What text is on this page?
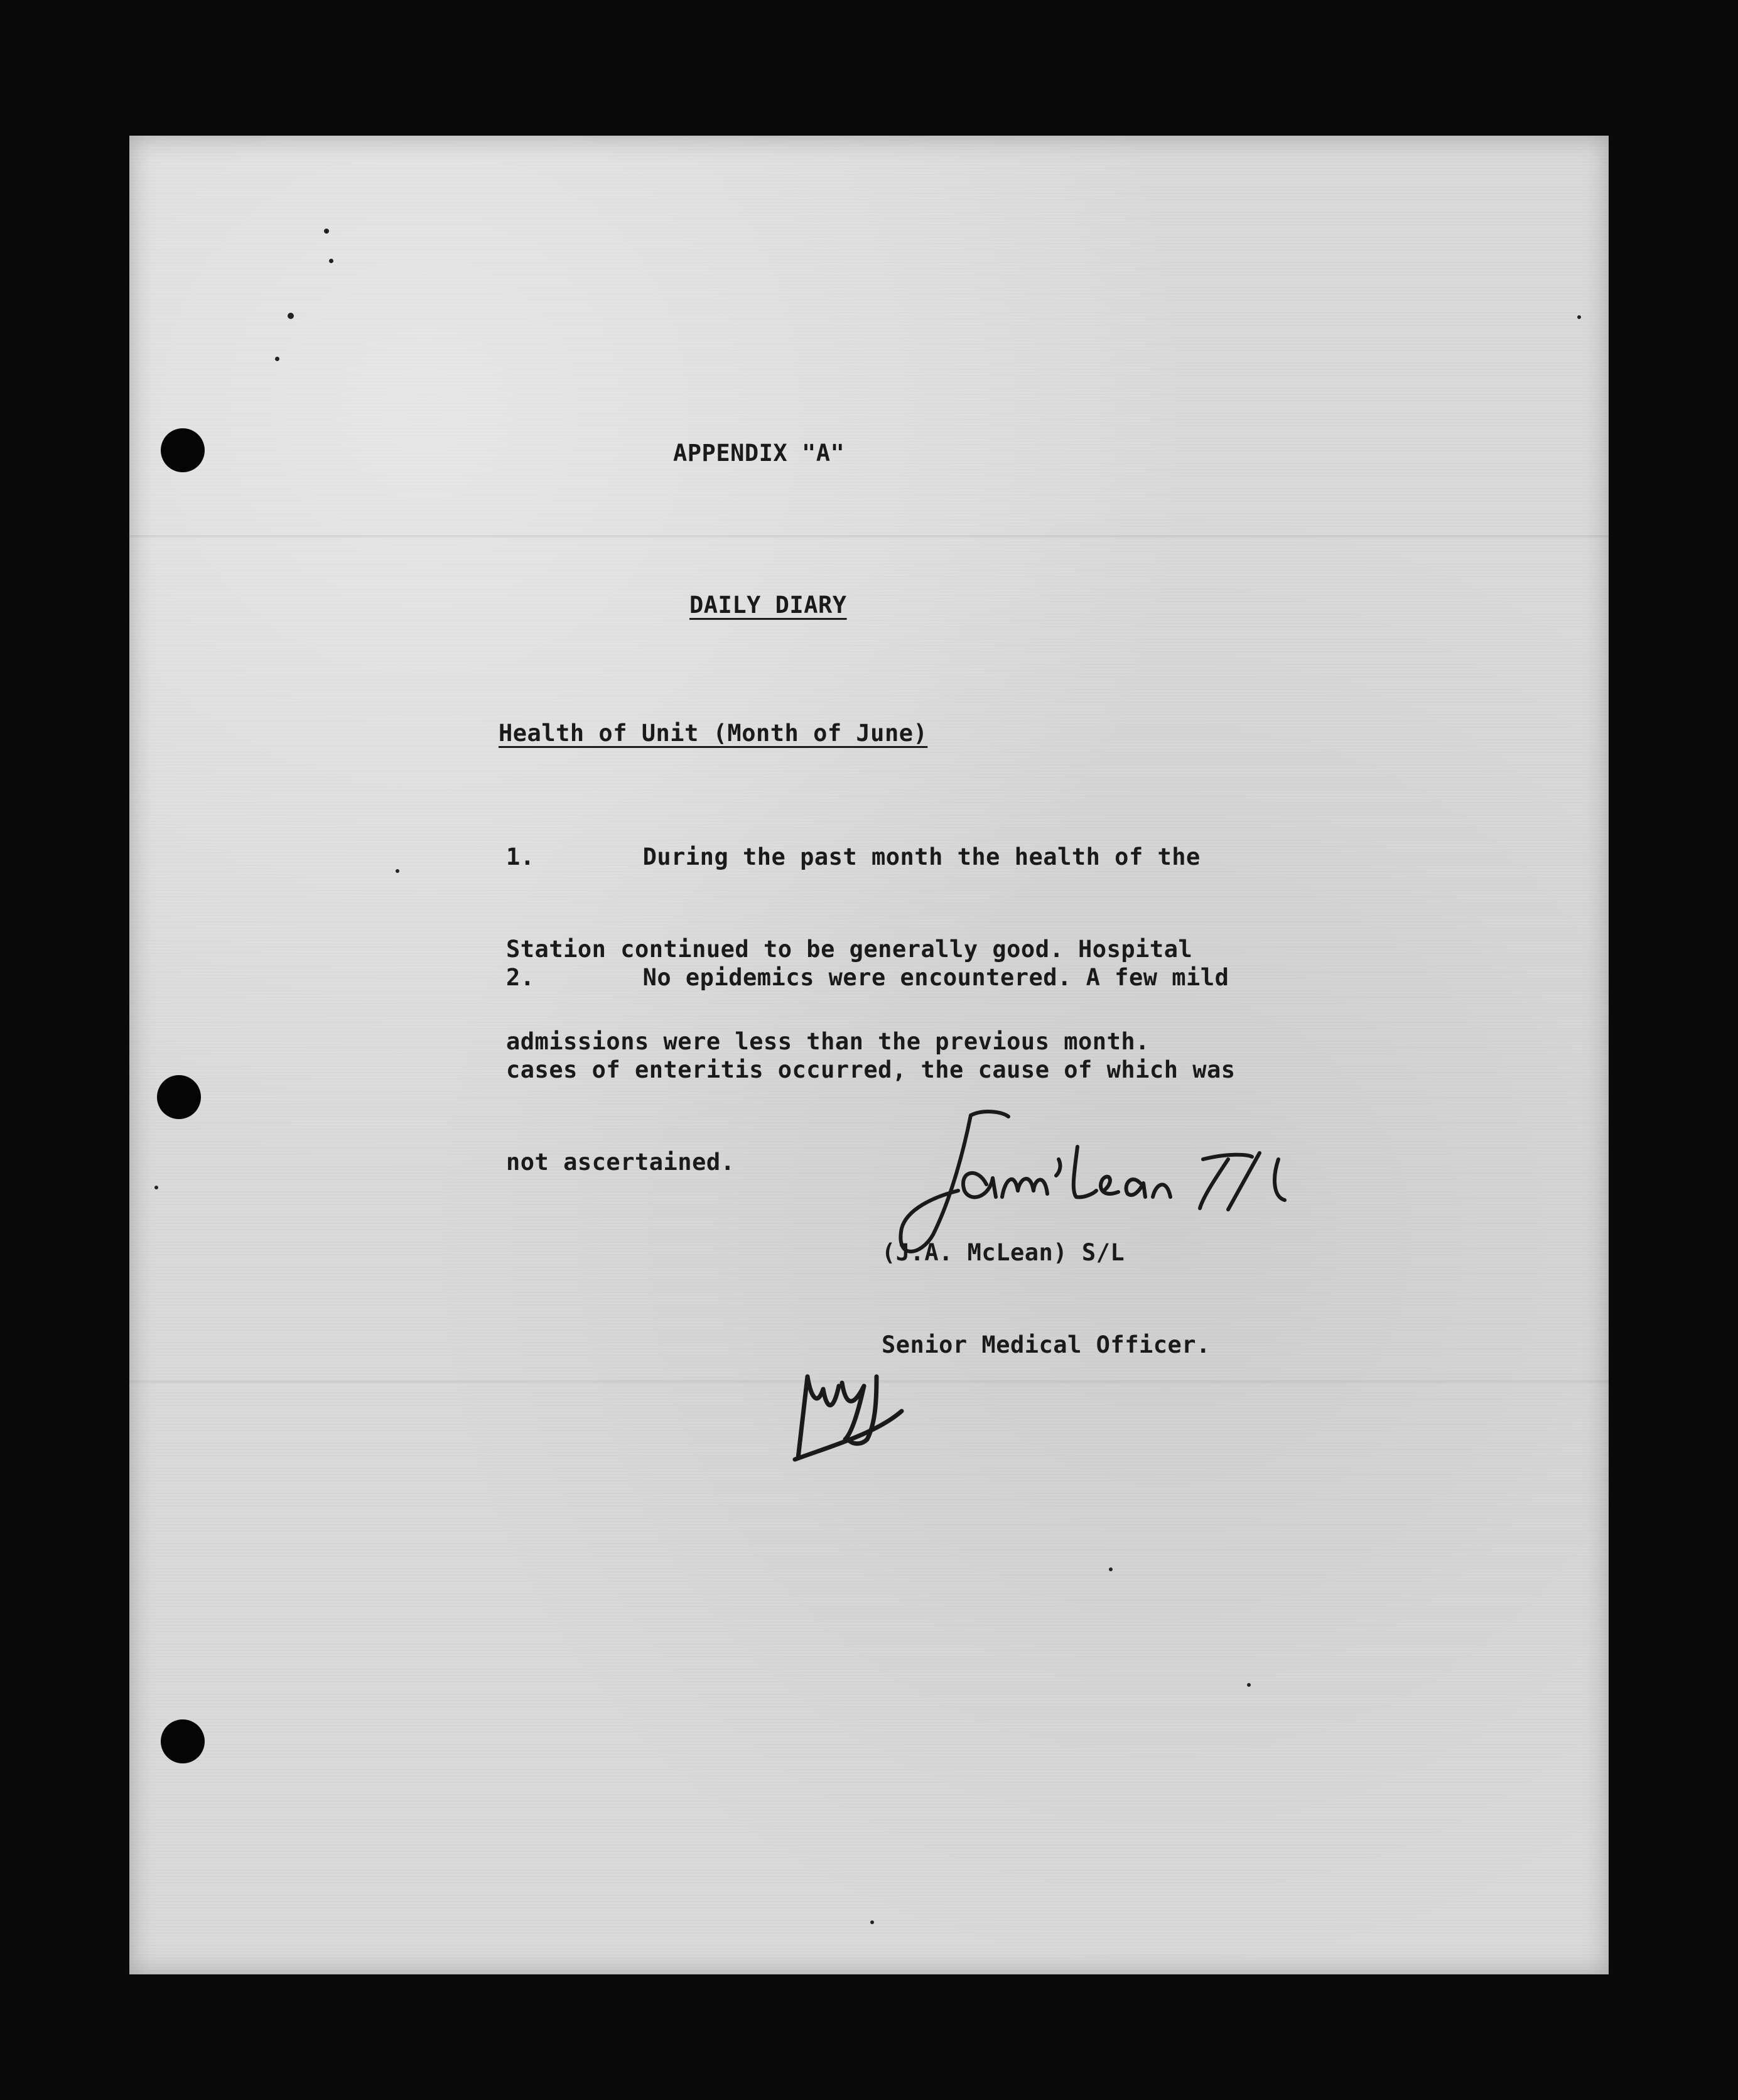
APPENDIX "A"
DAILY DIARY
Health of Unit (Month of June)

1.	During the past month the health of the

Station continued to be generally good. Hospital

admissions were less than the previous month.

2.	No epidemics were encountered. A few mild

cases of enteritis occurred, the cause of which was

not ascertained.

(J.A. McLean) S/L

Senior Medical Officer.
